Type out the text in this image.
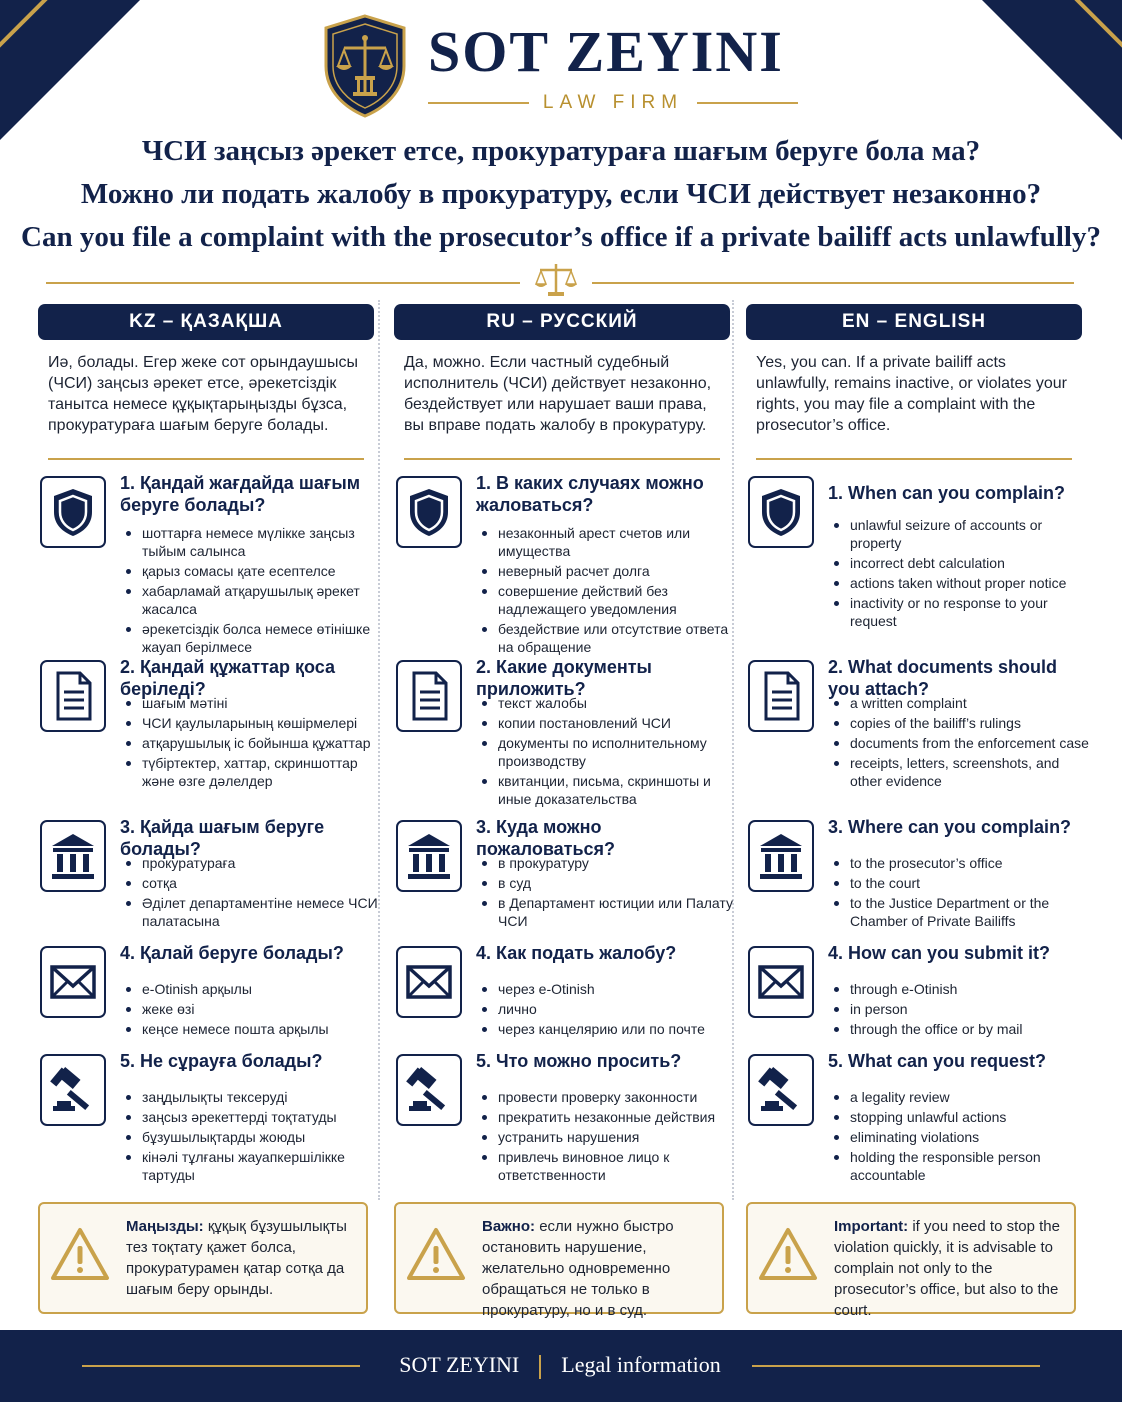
SOT ZEYINI
LAW FIRM
ЧСИ заңсыз әрекет етсе, прокуратураға шағым беруге бола ма?
Можно ли подать жалобу в прокуратуру, если ЧСИ действует незаконно?
Can you file a complaint with the prosecutor’s office if a private bailiff acts unlawfully?
KZ – ҚАЗАҚША
Иә, болады. Егер жеке сот орындаушысы (ЧСИ) заңсыз әрекет етсе, әрекетсіздік танытса немесе құқықтарыңызды бұзса, прокуратураға шағым беруге болады.
1. Қандай жағдайда шағым беруге болады?
шоттарға немесе мүлікке заңсыз тыйым салынса
қарыз сомасы қате есептелсе
хабарламай атқарушылық әрекет жасалса
әрекетсіздік болса немесе өтінішке жауап берілмесе
2. Қандай құжаттар қоса беріледі?
шағым мәтіні
ЧСИ қаулыларының көшірмелері
атқарушылық іс бойынша құжаттар
түбіртектер, хаттар, скриншоттар және өзге дәлелдер
3. Қайда шағым беруге болады?
прокуратураға
сотқа
Әділет департаментіне немесе ЧСИ палатасына
4. Қалай беруге болады?
e-Otinish арқылы
жеке өзі
кеңсе немесе пошта арқылы
5. Не сұрауға болады?
заңдылықты тексеруді
заңсыз әрекеттерді тоқтатуды
бұзушылықтарды жоюды
кінәлі тұлғаны жауапкершілікке тартуды
Маңызды: құқық бұзушылықты тез тоқтату қажет болса, прокуратурамен қатар сотқа да шағым беру орынды.
RU – РУССКИЙ
Да, можно. Если частный судебный исполнитель (ЧСИ) действует незаконно, бездействует или нарушает ваши права, вы вправе подать жалобу в прокуратуру.
1. В каких случаях можно жаловаться?
незаконный арест счетов или имущества
неверный расчет долга
совершение действий без надлежащего уведомления
бездействие или отсутствие ответа на обращение
2. Какие документы приложить?
текст жалобы
копии постановлений ЧСИ
документы по исполнительному производству
квитанции, письма, скриншоты и иные доказательства
3. Куда можно пожаловаться?
в прокуратуру
в суд
в Департамент юстиции или Палату ЧСИ
4. Как подать жалобу?
через e-Otinish
лично
через канцелярию или по почте
5. Что можно просить?
провести проверку законности
прекратить незаконные действия
устранить нарушения
привлечь виновное лицо к ответственности
Важно: если нужно быстро остановить нарушение, желательно одновременно обращаться не только в прокуратуру, но и в суд.
EN – ENGLISH
Yes, you can. If a private bailiff acts unlawfully, remains inactive, or violates your rights, you may file a complaint with the prosecutor’s office.
1. When can you complain?
unlawful seizure of accounts or property
incorrect debt calculation
actions taken without proper notice
inactivity or no response to your request
2. What documents should you attach?
a written complaint
copies of the bailiff’s rulings
documents from the enforcement case
receipts, letters, screenshots, and other evidence
3. Where can you complain?
to the prosecutor’s office
to the court
to the Justice Department or the Chamber of Private Bailiffs
4. How can you submit it?
through e-Otinish
in person
through the office or by mail
5. What can you request?
a legality review
stopping unlawful actions
eliminating violations
holding the responsible person accountable
Important: if you need to stop the violation quickly, it is advisable to complain not only to the prosecutor’s office, but also to the court.
SOT ZEYINI Legal information
